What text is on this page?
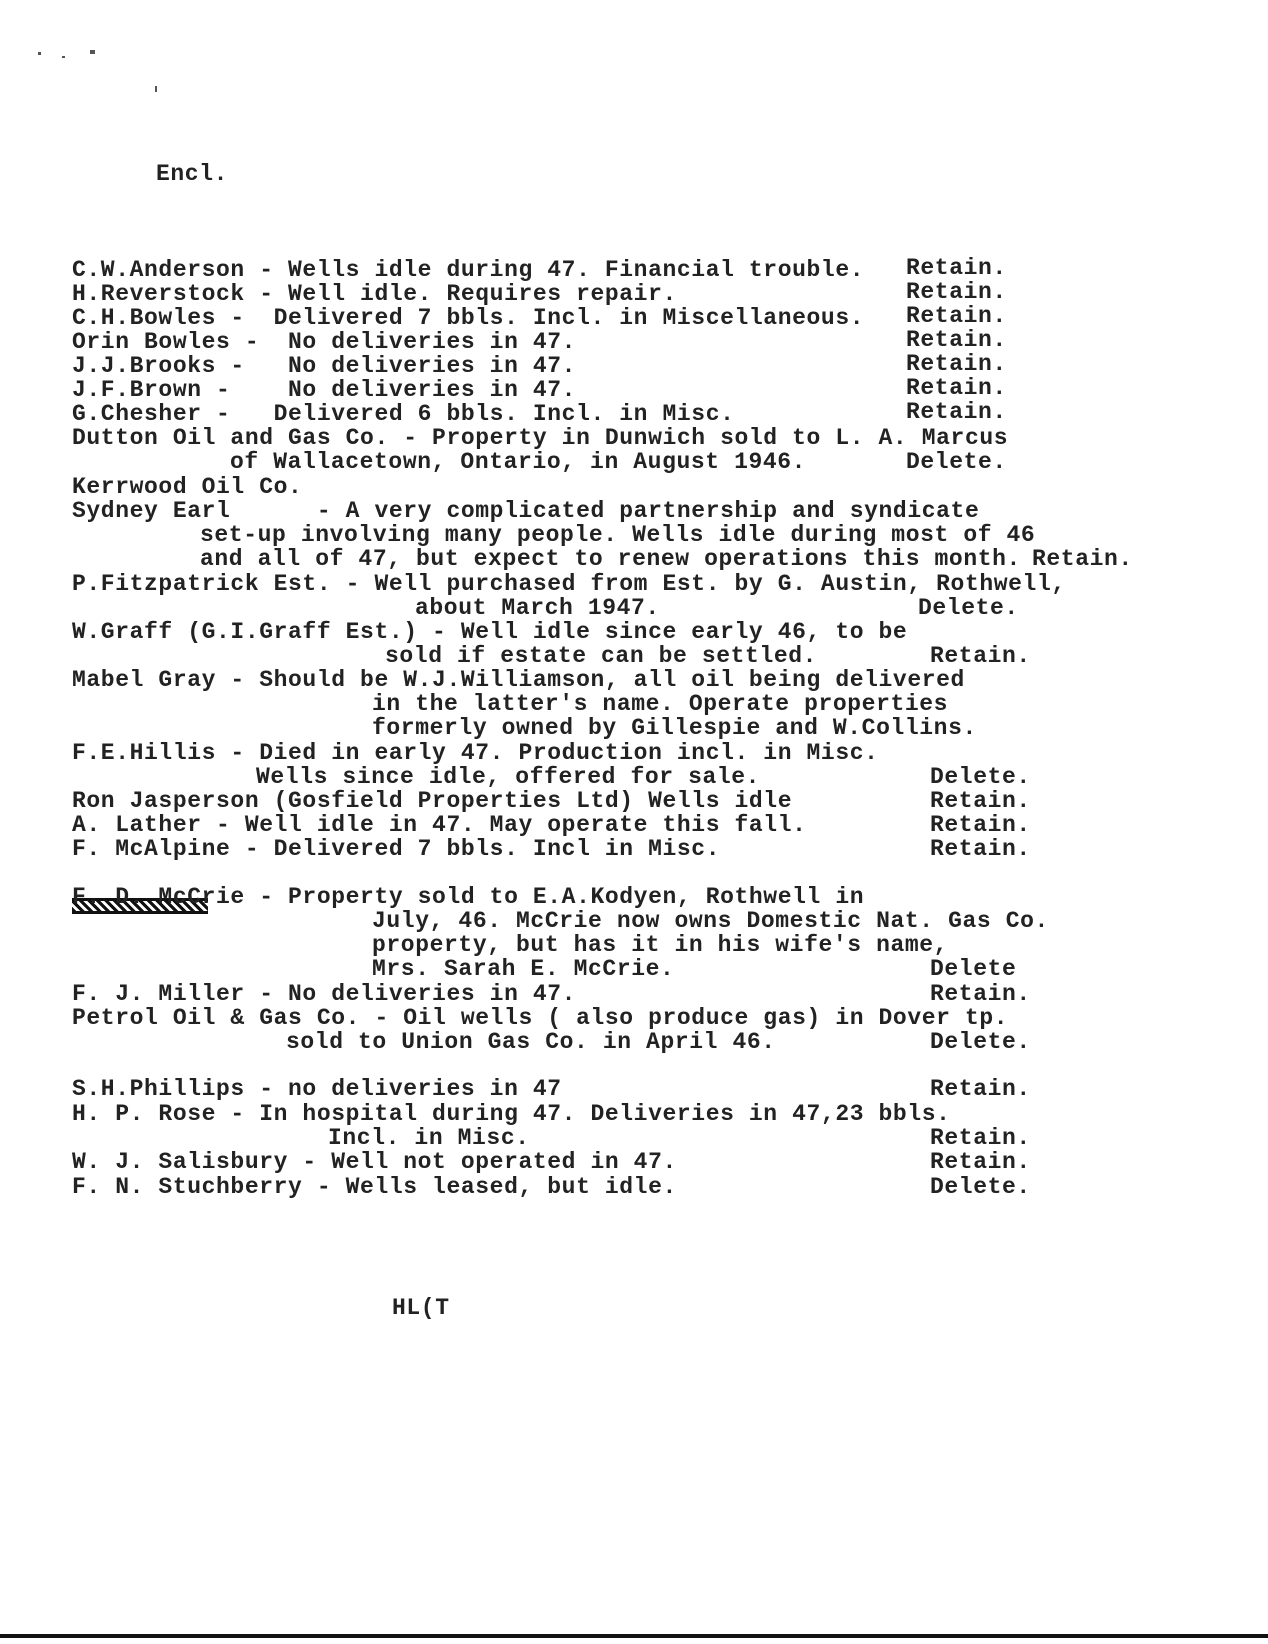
Encl.
C.W.Anderson - Wells idle during 47. Financial trouble. Retain.
H.Reverstock - Well idle. Requires repair.	Retain.
C.H.Bowles -  Delivered 7 bbls. Incl. in Miscellaneous. Retain.
Orin Bowles -  No deliveries in 47.	Retain.
J.J.Brooks -   No deliveries in 47.	Retain.
J.F.Brown -    No deliveries in 47.	Retain.
G.Chesher -   Delivered 6 bbls. Incl. in Misc.	Retain.
Dutton Oil and Gas Co. - Property in Dunwich sold to L. A. Marcus
of Wallacetown, Ontario, in August 1946.	Delete.
Kerrwood Oil Co.
Sydney Earl      - A very complicated partnership and syndicate
set-up involving many people. Wells idle during most of 46
and all of 47, but expect to renew operations this month. Retain.
P.Fitzpatrick Est. - Well purchased from Est. by G. Austin, Rothwell,
about March 1947.	Delete.
W.Graff (G.I.Graff Est.) - Well idle since early 46, to be
sold if estate can be settled.	Retain.
Mabel Gray - Should be W.J.Williamson, all oil being delivered
in the latter's name. Operate properties
formerly owned by Gillespie and W.Collins.
F.E.Hillis - Died in early 47. Production incl. in Misc.
Wells since idle, offered for sale.	Delete.
Ron Jasperson (Gosfield Properties Ltd) Wells idle	Retain.
A. Lather - Well idle in 47. May operate this fall.	Retain.
F. McAlpine - Delivered 7 bbls. Incl in Misc.	Retain.
F. D. McCrie - Property sold to E.A.Kodyen, Rothwell in
July, 46. McCrie now owns Domestic Nat. Gas Co.
property, but has it in his wife's name,
Mrs. Sarah E. McCrie.	Delete
F. J. Miller - No deliveries in 47.	Retain.
Petrol Oil & Gas Co. - Oil wells ( also produce gas) in Dover tp.
sold to Union Gas Co. in April 46.	Delete.
S.H.Phillips - no deliveries in 47	Retain.
H. P. Rose - In hospital during 47. Deliveries in 47,23 bbls.
Incl. in Misc.	Retain.
W. J. Salisbury - Well not operated in 47.	Retain.
F. N. Stuchberry - Wells leased, but idle.	Delete.
HL(T
